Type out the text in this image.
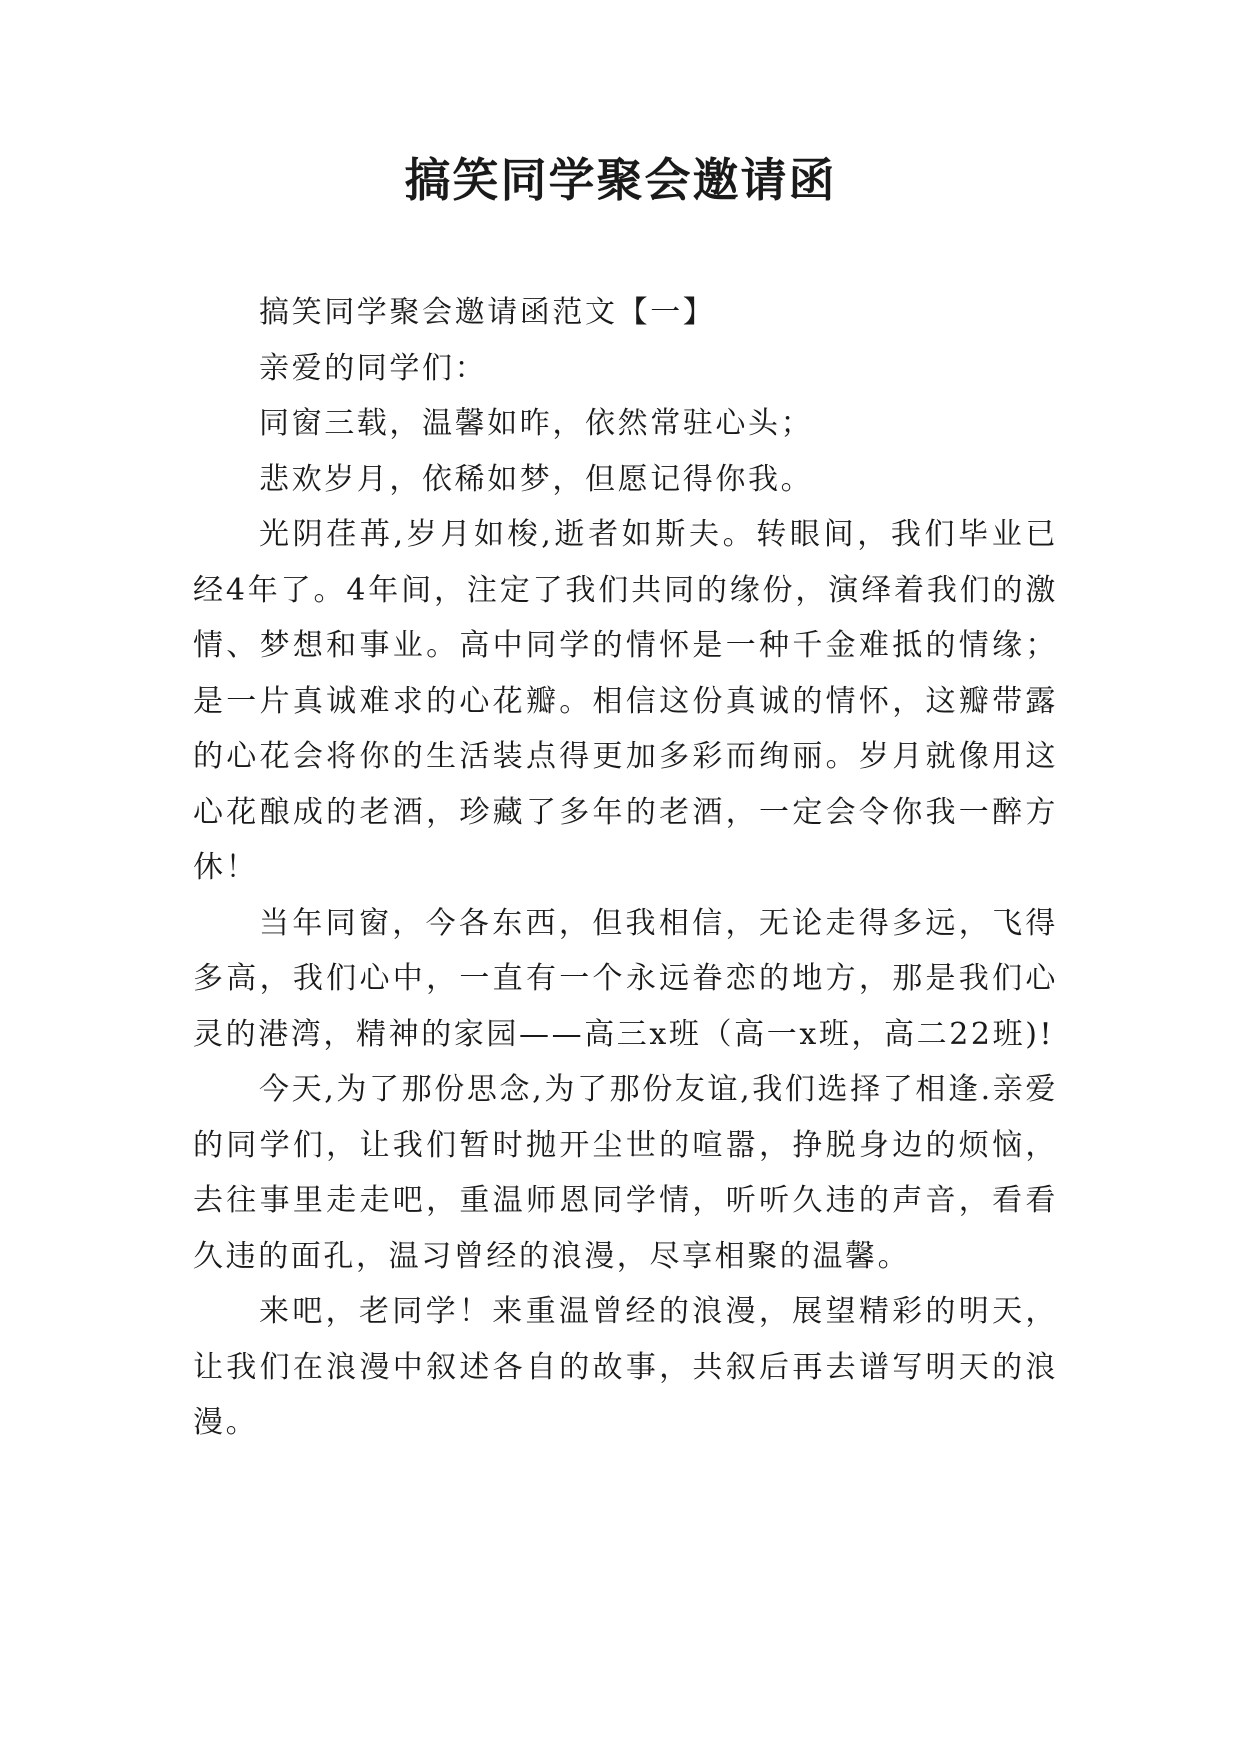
搞笑同学聚会邀请函

搞笑同学聚会邀请函范文【一】

亲爱的同学们：

同窗三载，温馨如昨，依然常驻心头；

悲欢岁月，依稀如梦，但愿记得你我。

光阴荏苒,岁月如梭,逝者如斯夫。转眼间，我们毕业已经4年了。4年间，注定了我们共同的缘份，演绎着我们的激情、梦想和事业。高中同学的情怀是一种千金难抵的情缘；是一片真诚难求的心花瓣。相信这份真诚的情怀，这瓣带露的心花会将你的生活装点得更加多彩而绚丽。岁月就像用这心花酿成的老酒，珍藏了多年的老酒，一定会令你我一醉方休！

当年同窗，今各东西，但我相信，无论走得多远，飞得多高，我们心中，一直有一个永远眷恋的地方，那是我们心灵的港湾，精神的家园——高三x班（高一x班，高二22班)!

今天,为了那份思念,为了那份友谊,我们选择了相逢.亲爱的同学们，让我们暂时抛开尘世的喧嚣，挣脱身边的烦恼，去往事里走走吧，重温师恩同学情，听听久违的声音，看看久违的面孔，温习曾经的浪漫，尽享相聚的温馨。

来吧，老同学！来重温曾经的浪漫，展望精彩的明天，让我们在浪漫中叙述各自的故事，共叙后再去谱写明天的浪漫。
